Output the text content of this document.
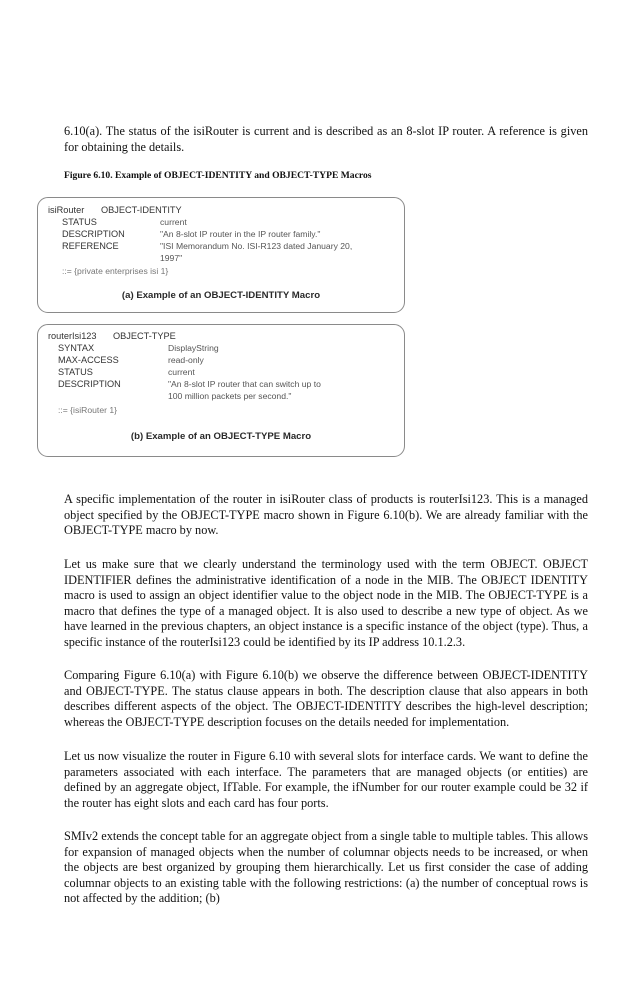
6.10(a). The status of the isiRouter is current and is described as an 8-slot IP router. A reference is given for obtaining the details.

Figure 6.10. Example of OBJECT-IDENTITY and OBJECT-TYPE Macros

isiRouter OBJECT-IDENTITY
STATUS	current
DESCRIPTION	"An 8-slot IP router in the IP router family."
REFERENCE	"ISI Memorandum No. ISI-R123 dated January 20,
1997"
::= {private enterprises isi 1}
(a) Example of an OBJECT-IDENTITY Macro
routerIsi123 OBJECT-TYPE
SYNTAX	DisplayString
MAX-ACCESS	read-only
STATUS	current
DESCRIPTION	"An 8-slot IP router that can switch up to
100 million packets per second."
::= {isiRouter 1}
(b) Example of an OBJECT-TYPE Macro

A specific implementation of the router in isiRouter class of products is routerIsi123. This is a managed object specified by the OBJECT-TYPE macro shown in Figure 6.10(b). We are already familiar with the OBJECT-TYPE macro by now.

Let us make sure that we clearly understand the terminology used with the term OBJECT. OBJECT IDENTIFIER defines the administrative identification of a node in the MIB. The OBJECT IDENTITY macro is used to assign an object identifier value to the object node in the MIB. The OBJECT-TYPE is a macro that defines the type of a managed object. It is also used to describe a new type of object. As we have learned in the previous chapters, an object instance is a specific instance of the object (type). Thus, a specific instance of the routerIsi123 could be identified by its IP address 10.1.2.3.

Comparing Figure 6.10(a) with Figure 6.10(b) we observe the difference between OBJECT-IDENTITY and OBJECT-TYPE. The status clause appears in both. The description clause that also appears in both describes different aspects of the object. The OBJECT-IDENTITY describes the high-level description; whereas the OBJECT-TYPE description focuses on the details needed for implementation.

Let us now visualize the router in Figure 6.10 with several slots for interface cards. We want to define the parameters associated with each interface. The parameters that are managed objects (or entities) are defined by an aggregate object, IfTable. For example, the ifNumber for our router example could be 32 if the router has eight slots and each card has four ports.

SMIv2 extends the concept table for an aggregate object from a single table to multiple tables. This allows for expansion of managed objects when the number of columnar objects needs to be increased, or when the objects are best organized by grouping them hierarchically. Let us first consider the case of adding columnar objects to an existing table with the following restrictions: (a) the number of conceptual rows is not affected by the addition; (b)
